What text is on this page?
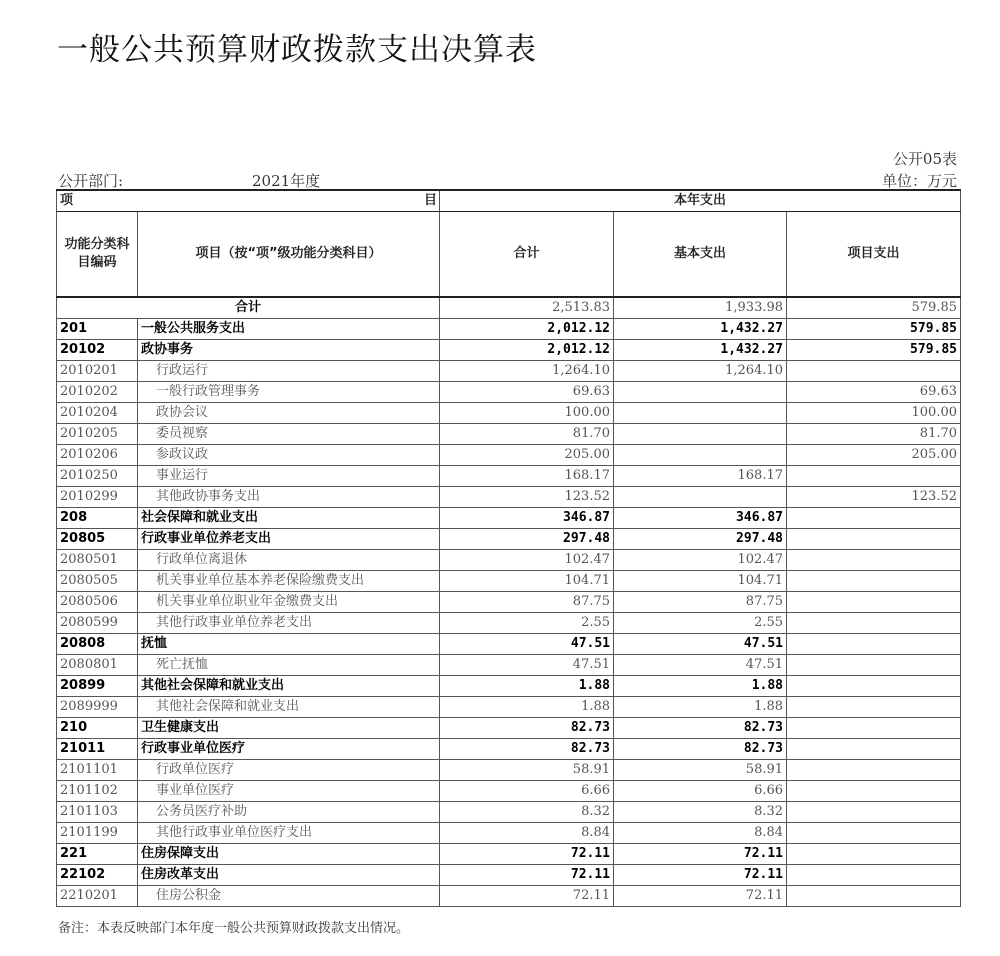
一般公共预算财政拨款支出决算表
公开05表
公开部门:	2021年度	单位：万元
项 目		本年支出		
功能分类科目编码	项目（按“项”级功能分类科目）	合计	基本支出	项目支出
合计		2,513.83	1,933.98	579.85
201	一般公共服务支出	2,012.12	1,432.27	579.85
20102	政协事务	2,012.12	1,432.27	579.85
2010201	行政运行	1,264.10	1,264.10	
2010202	一般行政管理事务	69.63		69.63
2010204	政协会议	100.00		100.00
2010205	委员视察	81.70		81.70
2010206	参政议政	205.00		205.00
2010250	事业运行	168.17	168.17	
2010299	其他政协事务支出	123.52		123.52
208	社会保障和就业支出	346.87	346.87	
20805	行政事业单位养老支出	297.48	297.48	
2080501	行政单位离退休	102.47	102.47	
2080505	机关事业单位基本养老保险缴费支出	104.71	104.71	
2080506	机关事业单位职业年金缴费支出	87.75	87.75	
2080599	其他行政事业单位养老支出	2.55	2.55	
20808	抚恤	47.51	47.51	
2080801	死亡抚恤	47.51	47.51	
20899	其他社会保障和就业支出	1.88	1.88	
2089999	其他社会保障和就业支出	1.88	1.88	
210	卫生健康支出	82.73	82.73	
21011	行政事业单位医疗	82.73	82.73	
2101101	行政单位医疗	58.91	58.91	
2101102	事业单位医疗	6.66	6.66	
2101103	公务员医疗补助	8.32	8.32	
2101199	其他行政事业单位医疗支出	8.84	8.84	
221	住房保障支出	72.11	72.11	
22102	住房改革支出	72.11	72.11	
2210201	住房公积金	72.11	72.11	
备注：本表反映部门本年度一般公共预算财政拨款支出情况。
